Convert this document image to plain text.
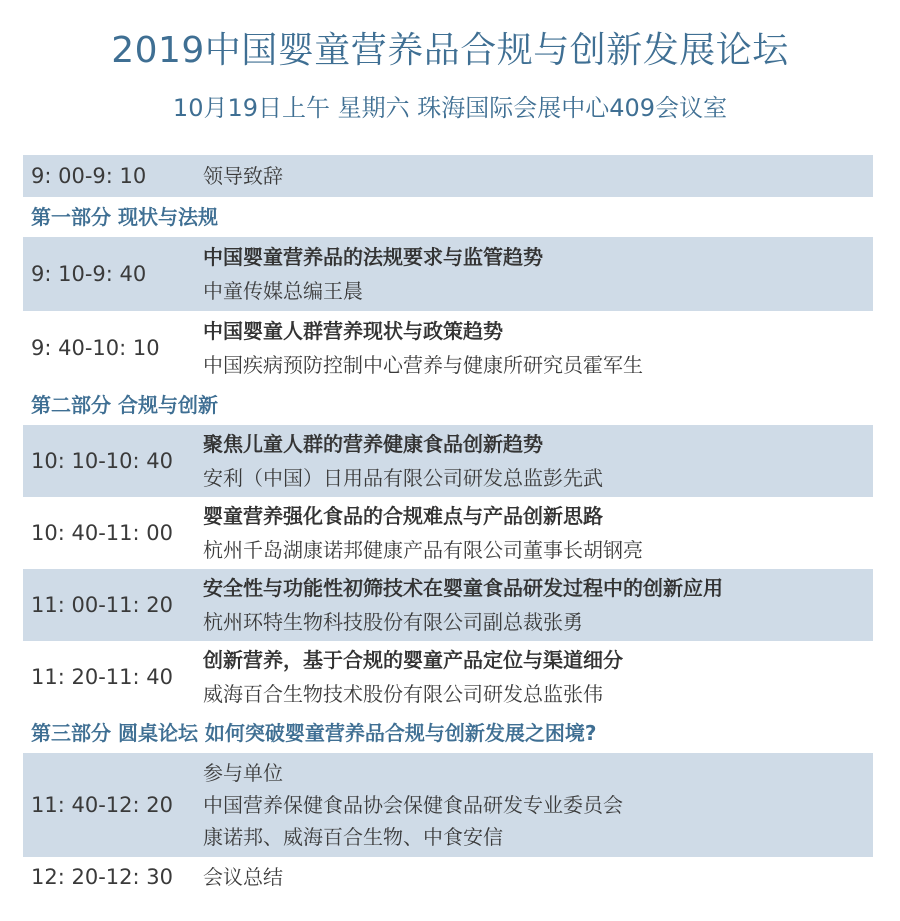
2019中国婴童营养品合规与创新发展论坛
10月19日上午 星期六 珠海国际会展中心409会议室
9: 00-9: 10	领导致辞
第一部分 现状与法规
9: 10-9: 40
中国婴童营养品的法规要求与监管趋势
中童传媒总编王晨
9: 40-10: 10
中国婴童人群营养现状与政策趋势
中国疾病预防控制中心营养与健康所研究员霍军生
第二部分 合规与创新
10: 10-10: 40
聚焦儿童人群的营养健康食品创新趋势
安利（中国）日用品有限公司研发总监彭先武
10: 40-11: 00
婴童营养强化食品的合规难点与产品创新思路
杭州千岛湖康诺邦健康产品有限公司董事长胡钢亮
11: 00-11: 20
安全性与功能性初筛技术在婴童食品研发过程中的创新应用
杭州环特生物科技股份有限公司副总裁张勇
11: 20-11: 40
创新营养，基于合规的婴童产品定位与渠道细分
威海百合生物技术股份有限公司研发总监张伟
第三部分 圆桌论坛 如何突破婴童营养品合规与创新发展之困境?
11: 40-12: 20
参与单位
中国营养保健食品协会保健食品研发专业委员会
康诺邦、威海百合生物、中食安信
12: 20-12: 30	会议总结
